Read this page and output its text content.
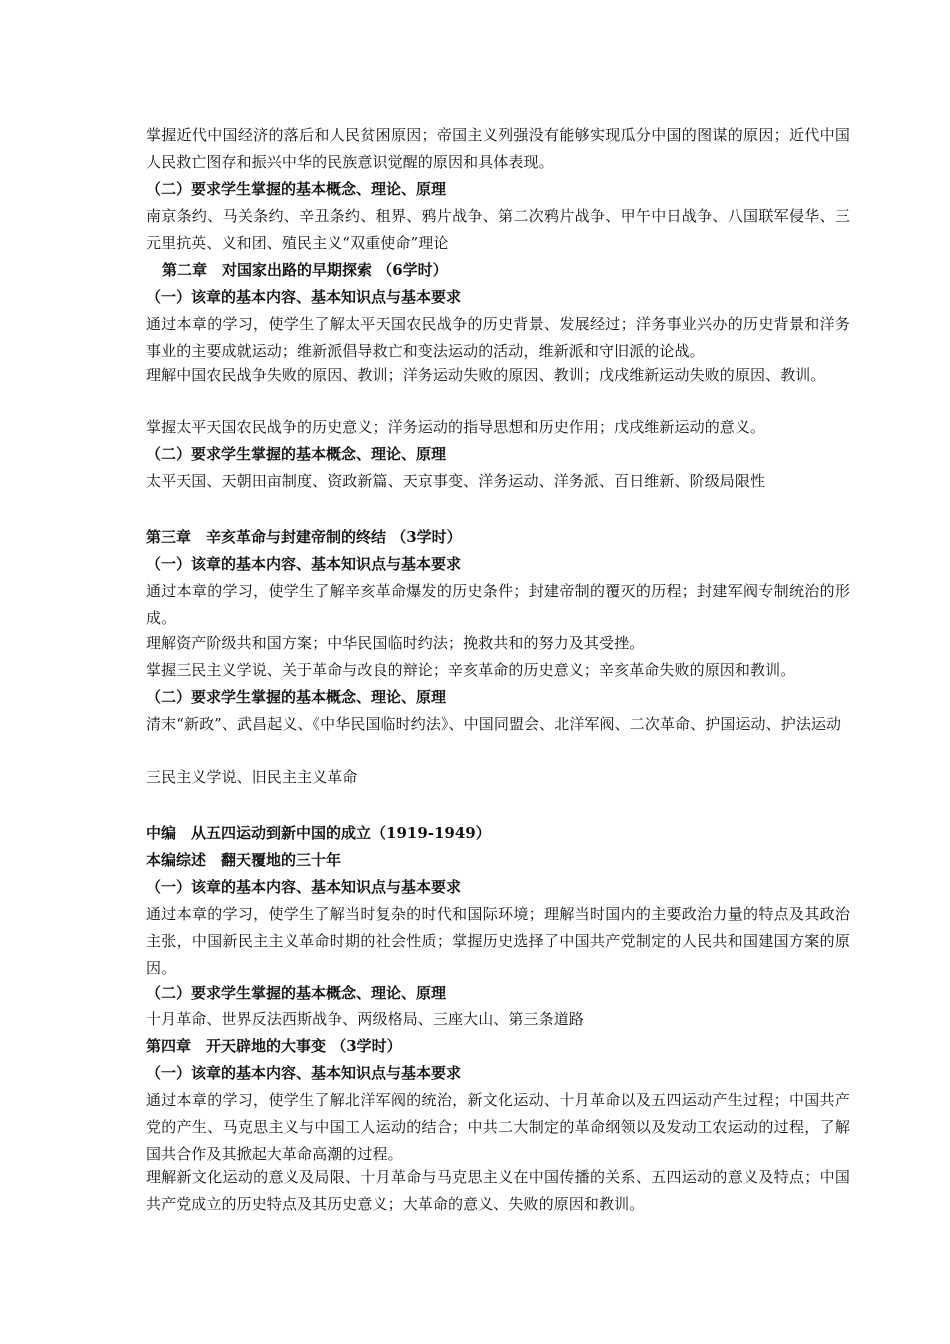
掌握近代中国经济的落后和人民贫困原因；帝国主义列强没有能够实现瓜分中国的图谋的原因；近代中国人民救亡图存和振兴中华的民族意识觉醒的原因和具体表现。

（二）要求学生掌握的基本概念、理论、原理

南京条约、马关条约、辛丑条约、租界、鸦片战争、第二次鸦片战争、甲午中日战争、八国联军侵华、三元里抗英、义和团、殖民主义“双重使命”理论

第二章　对国家出路的早期探索 （6学时）

（一）该章的基本内容、基本知识点与基本要求

通过本章的学习，使学生了解太平天国农民战争的历史背景、发展经过；洋务事业兴办的历史背景和洋务事业的主要成就运动；维新派倡导救亡和变法运动的活动，维新派和守旧派的论战。

理解中国农民战争失败的原因、教训；洋务运动失败的原因、教训；戊戌维新运动失败的原因、教训。

掌握太平天国农民战争的历史意义；洋务运动的指导思想和历史作用；戊戌维新运动的意义。

（二）要求学生掌握的基本概念、理论、原理

太平天国、天朝田亩制度、资政新篇、天京事变、洋务运动、洋务派、百日维新、阶级局限性

第三章　辛亥革命与封建帝制的终结 （3学时）

（一）该章的基本内容、基本知识点与基本要求

通过本章的学习，使学生了解辛亥革命爆发的历史条件；封建帝制的覆灭的历程；封建军阀专制统治的形成。

理解资产阶级共和国方案；中华民国临时约法；挽救共和的努力及其受挫。

掌握三民主义学说、关于革命与改良的辩论；辛亥革命的历史意义；辛亥革命失败的原因和教训。

（二）要求学生掌握的基本概念、理论、原理

清末“新政”、武昌起义、《中华民国临时约法》、中国同盟会、北洋军阀、二次革命、护国运动、护法运动

三民主义学说、旧民主主义革命

中编　从五四运动到新中国的成立（1919-1949）

本编综述　翻天覆地的三十年

（一）该章的基本内容、基本知识点与基本要求

通过本章的学习，使学生了解当时复杂的时代和国际环境；理解当时国内的主要政治力量的特点及其政治主张，中国新民主主义革命时期的社会性质；掌握历史选择了中国共产党制定的人民共和国建国方案的原因。

（二）要求学生掌握的基本概念、理论、原理

十月革命、世界反法西斯战争、两级格局、三座大山、第三条道路

第四章　开天辟地的大事变 （3学时）

（一）该章的基本内容、基本知识点与基本要求

通过本章的学习，使学生了解北洋军阀的统治，新文化运动、十月革命以及五四运动产生过程；中国共产党的产生、马克思主义与中国工人运动的结合；中共二大制定的革命纲领以及发动工农运动的过程，了解国共合作及其掀起大革命高潮的过程。

理解新文化运动的意义及局限、十月革命与马克思主义在中国传播的关系、五四运动的意义及特点；中国共产党成立的历史特点及其历史意义；大革命的意义、失败的原因和教训。
